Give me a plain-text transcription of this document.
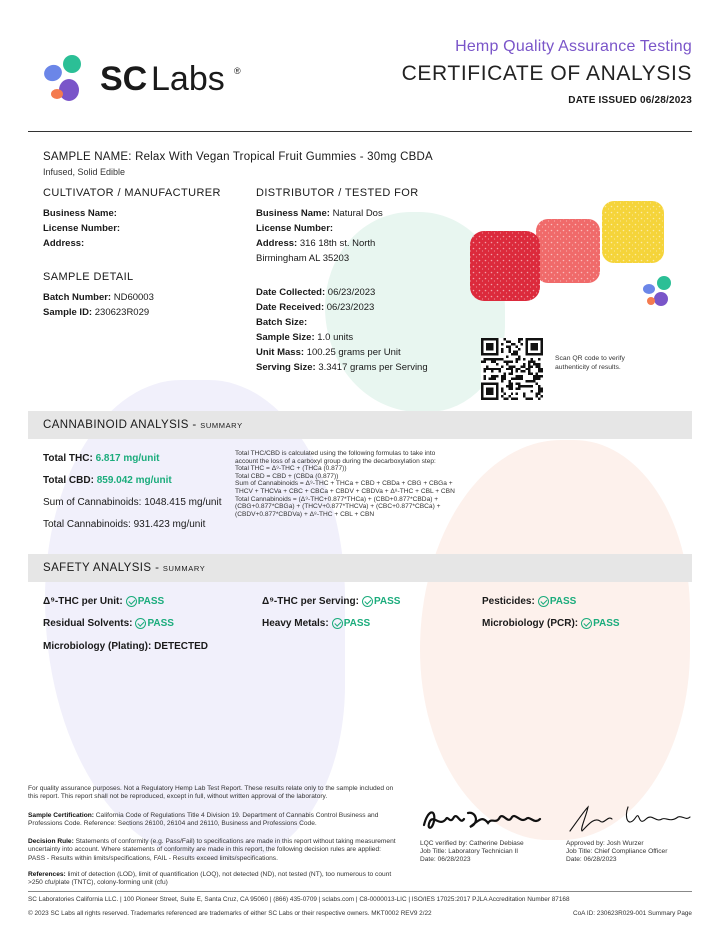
SC Labs ®
Hemp Quality Assurance Testing
CERTIFICATE OF ANALYSIS
DATE ISSUED 06/28/2023
SAMPLE NAME: Relax With Vegan Tropical Fruit Gummies - 30mg CBDA
Infused, Solid Edible
CULTIVATOR / MANUFACTURER
Business Name:
License Number:
Address:
SAMPLE DETAIL
Batch Number: ND60003
Sample ID: 230623R029
DISTRIBUTOR / TESTED FOR
Business Name: Natural Dos
License Number:
Address: 316 18th st. North
Birmingham AL 35203
Date Collected: 06/23/2023
Date Received: 06/23/2023
Batch Size:
Sample Size: 1.0 units
Unit Mass: 100.25 grams per Unit
Serving Size: 3.3417 grams per Serving
Scan QR code to verify authenticity of results.
CANNABINOID ANALYSIS - SUMMARY
Total THC: 6.817 mg/unit
Total CBD: 859.042 mg/unit
Sum of Cannabinoids: 1048.415 mg/unit
Total Cannabinoids: 931.423 mg/unit
Total THC/CBD is calculated using the following formulas to take into
account the loss of a carboxyl group during the decarboxylation step:
Total THC = Δ⁹-THC + (THCa (0.877))
Total CBD = CBD + (CBDa (0.877))
Sum of Cannabinoids = Δ⁹-THC + THCa + CBD + CBDa + CBG + CBGa +
THCV + THCVa + CBC + CBCa + CBDV + CBDVa + Δ⁸-THC + CBL + CBN
Total Cannabinoids = (Δ⁹-THC+0.877*THCa) + (CBD+0.877*CBDa) +
(CBG+0.877*CBGa) + (THCV+0.877*THCVa) + (CBC+0.877*CBCa) +
(CBDV+0.877*CBDVa) + Δ⁸-THC + CBL + CBN
SAFETY ANALYSIS - SUMMARY
Δ⁹-THC per Unit: PASS	Δ⁹-THC per Serving: PASS	Pesticides: PASS
Residual Solvents: PASS	Heavy Metals: PASS	Microbiology (PCR): PASS
Microbiology (Plating):
DETECTED
For quality assurance purposes. Not a Regulatory Hemp Lab Test Report. These results relate only to the sample included on this report. This report shall not be reproduced, except in full, without written approval of the laboratory.
Sample Certification: California Code of Regulations Title 4 Division 19. Department of Cannabis Control Business and Professions Code. Reference: Sections 26100, 26104 and 26110, Business and Professions Code.
Decision Rule: Statements of conformity (e.g. Pass/Fail) to specifications are made in this report without taking measurement uncertainty into account. Where statements of conformity are made in this report, the following decision rules are applied: PASS - Results within limits/specifications, FAIL - Results exceed limits/specifications.
References: limit of detection (LOD), limit of quantification (LOQ), not detected (ND), not tested (NT), too numerous to count >250 cfu/plate (TNTC), colony-forming unit (cfu)
LQC verified by: Catherine Debiase
Job Title: Laboratory Technician II
Date: 06/28/2023
Approved by: Josh Wurzer
Job Title: Chief Compliance Officer
Date: 06/28/2023
SC Laboratories California LLC. | 100 Pioneer Street, Suite E, Santa Cruz, CA 95060 | (866) 435-0709 | sclabs.com | C8-0000013-LIC | ISO/IES 17025:2017 PJLA Accreditation Number 87168
© 2023 SC Labs all rights reserved. Trademarks referenced are trademarks of either SC Labs or their respective owners. MKT0002 REV9 2/22	CoA ID: 230623R029-001 Summary Page
